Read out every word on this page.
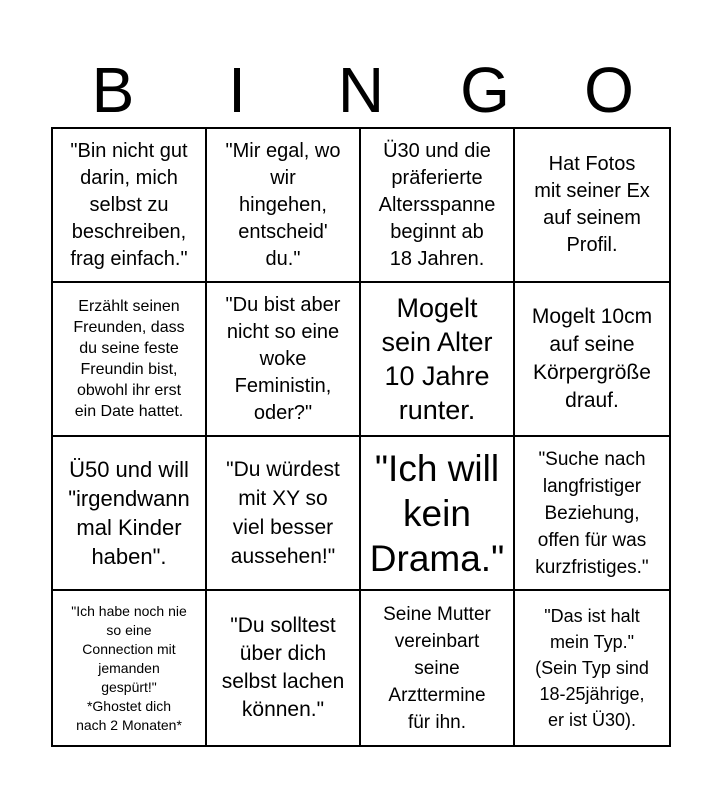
B	I	N	G	O
"Bin nicht gut
darin, mich
selbst zu
beschreiben,
frag einfach."
"Mir egal, wo
wir
hingehen,
entscheid'
du."
Ü30 und die
präferierte
Altersspanne
beginnt ab
18 Jahren.
Hat Fotos
mit seiner Ex
auf seinem
Profil.
Erzählt seinen
Freunden, dass
du seine feste
Freundin bist,
obwohl ihr erst
ein Date hattet.
"Du bist aber
nicht so eine
woke
Feministin,
oder?"
Mogelt
sein Alter
10 Jahre
runter.
Mogelt 10cm
auf seine
Körpergröße
drauf.
Ü50 und will
"irgendwann
mal Kinder
haben".
"Du würdest
mit XY so
viel besser
aussehen!"
"Ich will
kein
Drama."
"Suche nach
langfristiger
Beziehung,
offen für was
kurzfristiges."
"Ich habe noch nie
so eine
Connection mit
jemanden
gespürt!"
*Ghostet dich
nach 2 Monaten*
"Du solltest
über dich
selbst lachen
können."
Seine Mutter
vereinbart
seine
Arzttermine
für ihn.
"Das ist halt
mein Typ."
(Sein Typ sind
18-25jährige,
er ist Ü30).
